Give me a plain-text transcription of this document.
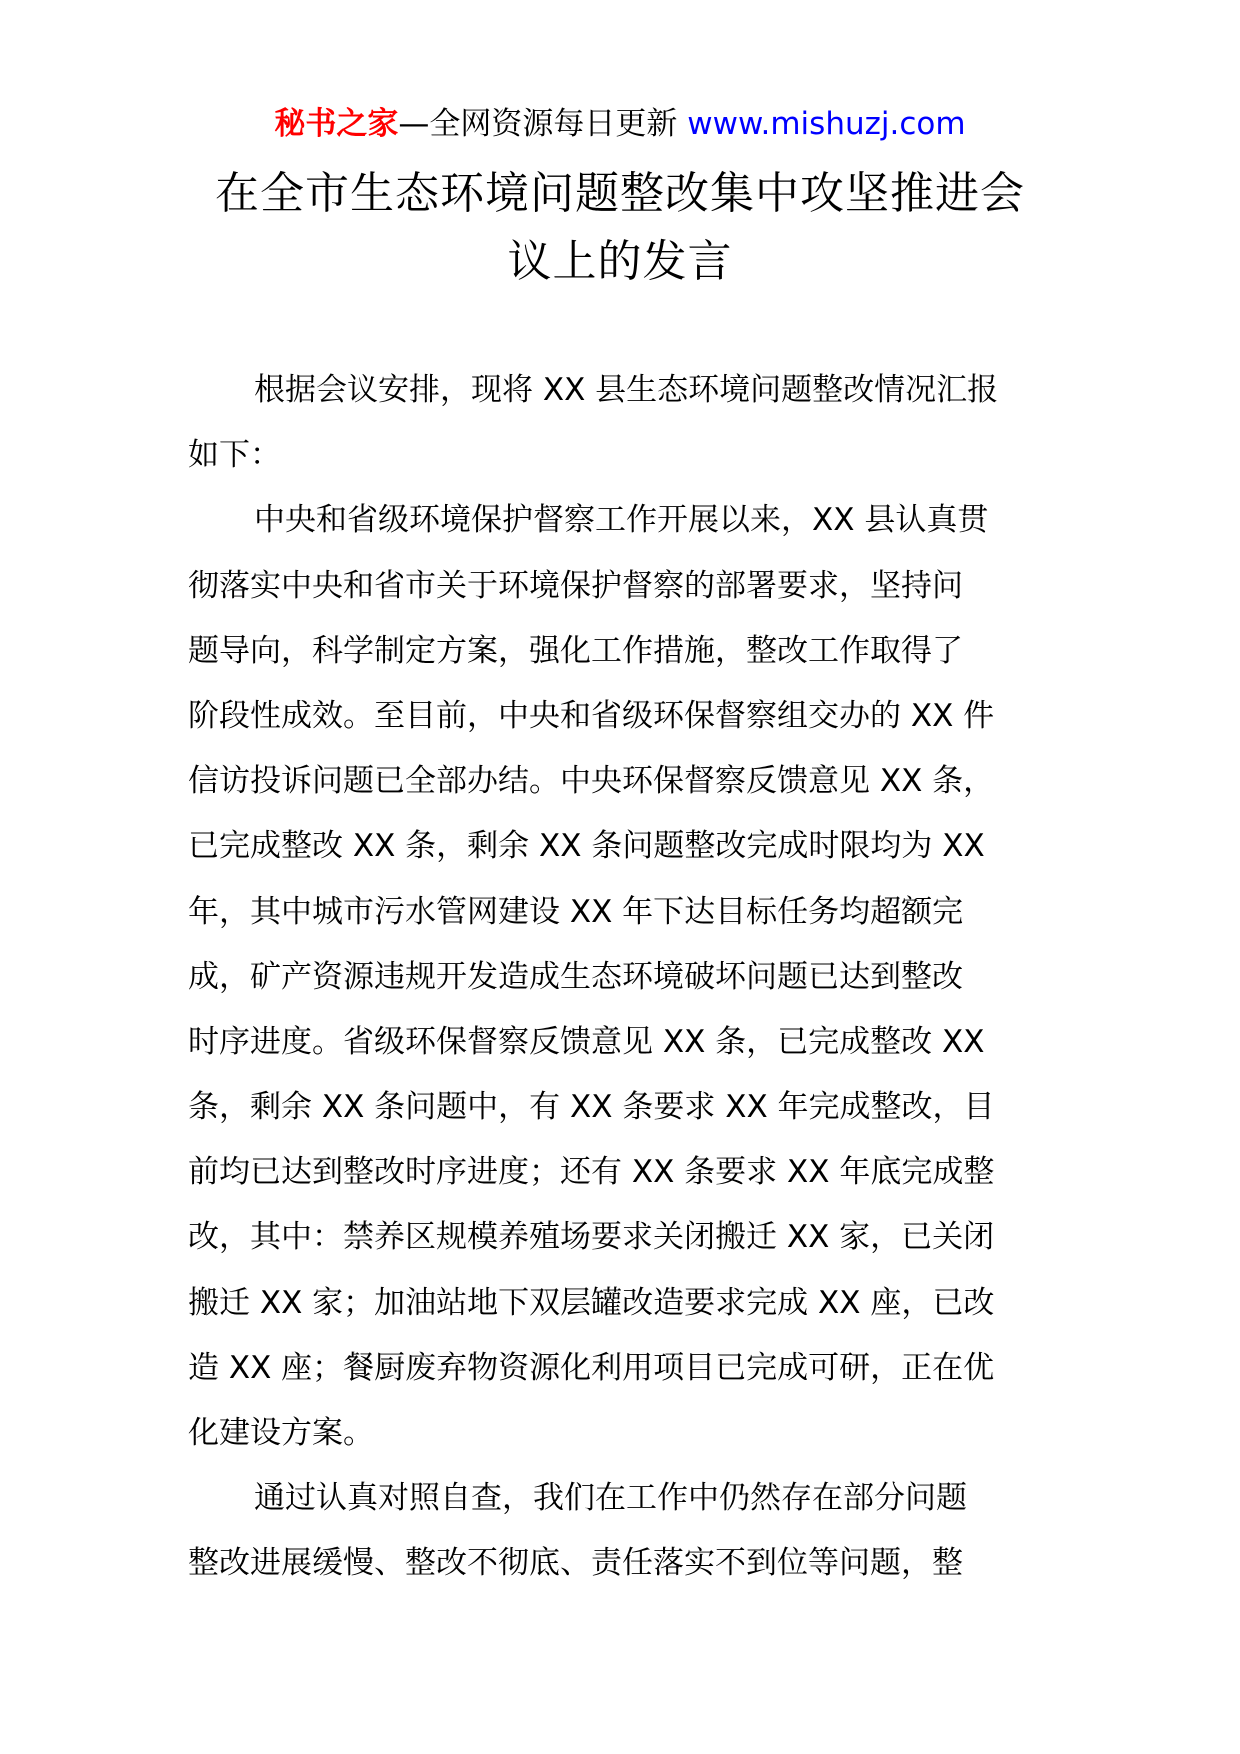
秘书之家—全网资源每日更新 www.mishuzj.com
在全市生态环境问题整改集中攻坚推进会
议上的发言
根据会议安排，现将 XX 县生态环境问题整改情况汇报
如下：
中央和省级环境保护督察工作开展以来，XX 县认真贯
彻落实中央和省市关于环境保护督察的部署要求，坚持问
题导向，科学制定方案，强化工作措施，整改工作取得了
阶段性成效。至目前，中央和省级环保督察组交办的 XX 件
信访投诉问题已全部办结。中央环保督察反馈意见 XX 条，
已完成整改 XX 条，剩余 XX 条问题整改完成时限均为 XX
年，其中城市污水管网建设 XX 年下达目标任务均超额完
成，矿产资源违规开发造成生态环境破坏问题已达到整改
时序进度。省级环保督察反馈意见 XX 条，已完成整改 XX
条，剩余 XX 条问题中，有 XX 条要求 XX 年完成整改，目
前均已达到整改时序进度；还有 XX 条要求 XX 年底完成整
改，其中：禁养区规模养殖场要求关闭搬迁 XX 家，已关闭
搬迁 XX 家；加油站地下双层罐改造要求完成 XX 座，已改
造 XX 座；餐厨废弃物资源化利用项目已完成可研，正在优
化建设方案。
通过认真对照自查，我们在工作中仍然存在部分问题
整改进展缓慢、整改不彻底、责任落实不到位等问题，整
